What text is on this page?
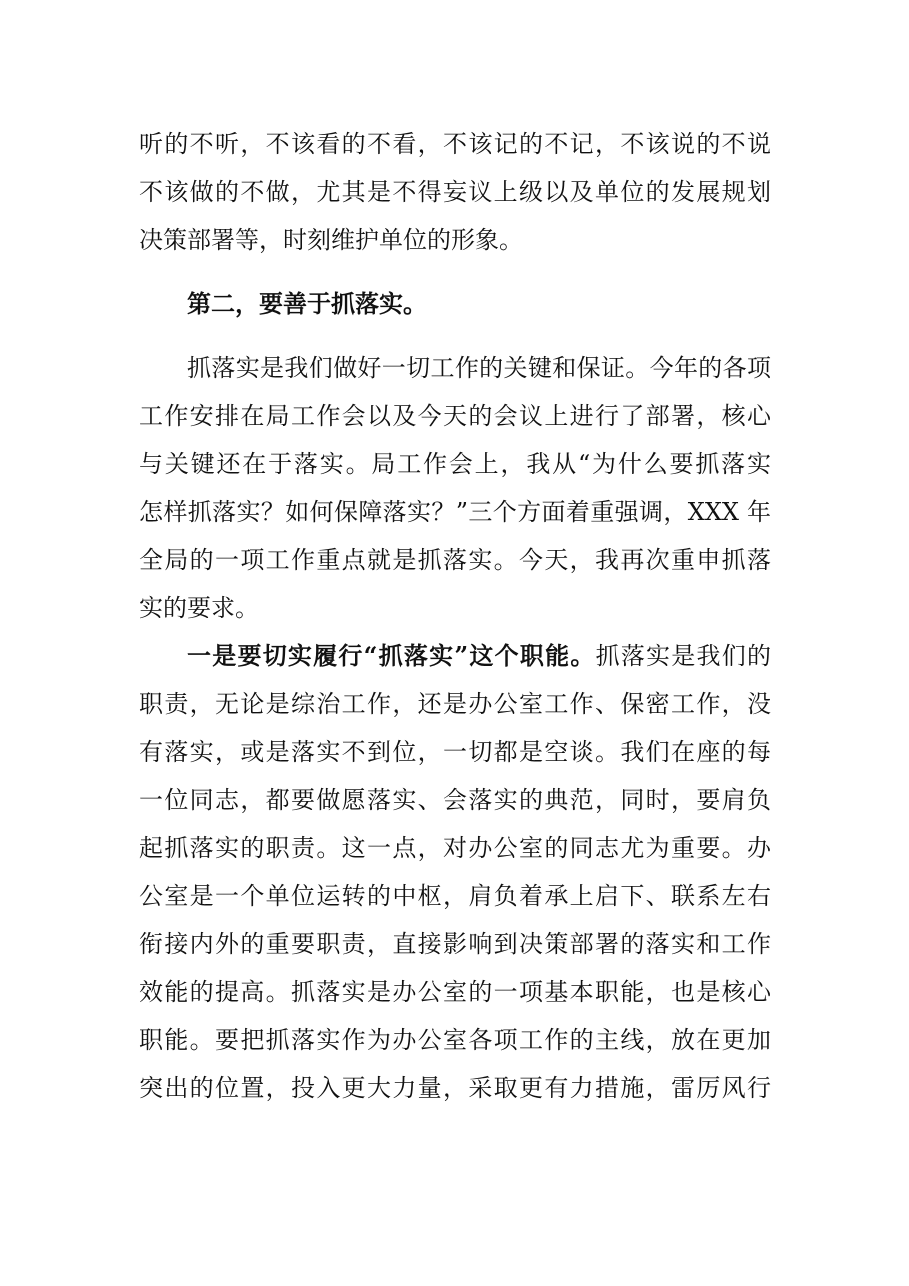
听的不听，不该看的不看，不该记的不记，不该说的不说
不该做的不做，尤其是不得妄议上级以及单位的发展规划
决策部署等，时刻维护单位的形象。
第二，要善于抓落实。
抓落实是我们做好一切工作的关键和保证。今年的各项
工作安排在局工作会以及今天的会议上进行了部署，核心
与关键还在于落实。局工作会上，我从“为什么要抓落实
怎样抓落实？如何保障落实？”三个方面着重强调，XXX 年
全局的一项工作重点就是抓落实。今天，我再次重申抓落
实的要求。
一是要切实履行“抓落实”这个职能。抓落实是我们的
职责，无论是综治工作，还是办公室工作、保密工作，没
有落实，或是落实不到位，一切都是空谈。我们在座的每
一位同志，都要做愿落实、会落实的典范，同时，要肩负
起抓落实的职责。这一点，对办公室的同志尤为重要。办
公室是一个单位运转的中枢，肩负着承上启下、联系左右
衔接内外的重要职责，直接影响到决策部署的落实和工作
效能的提高。抓落实是办公室的一项基本职能，也是核心
职能。要把抓落实作为办公室各项工作的主线，放在更加
突出的位置，投入更大力量，采取更有力措施，雷厉风行
